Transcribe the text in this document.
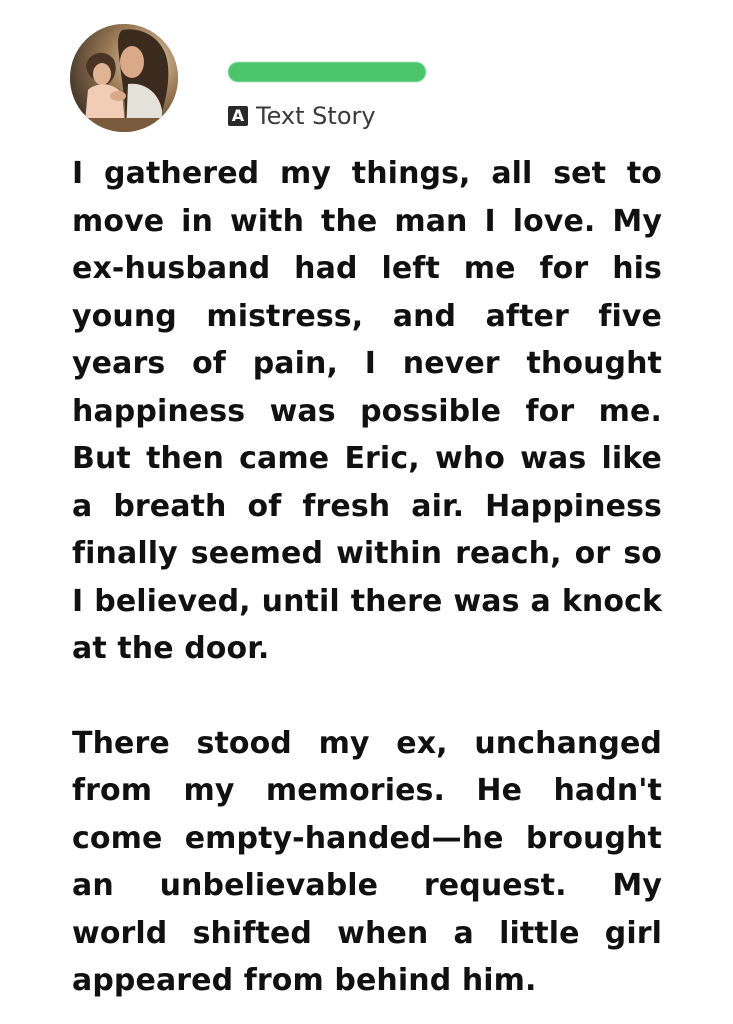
A Text Story

I gathered my things, all set to move in with the man I love. My ex-husband had left me for his young mistress, and after five years of pain, I never thought happiness was possible for me. But then came Eric, who was like a breath of fresh air. Happiness finally seemed within reach, or so I believed, until there was a knock at the door.

There stood my ex, unchanged from my memories. He hadn't come empty-handed—he brought an unbelievable request. My world shifted when a little girl appeared from behind him.
